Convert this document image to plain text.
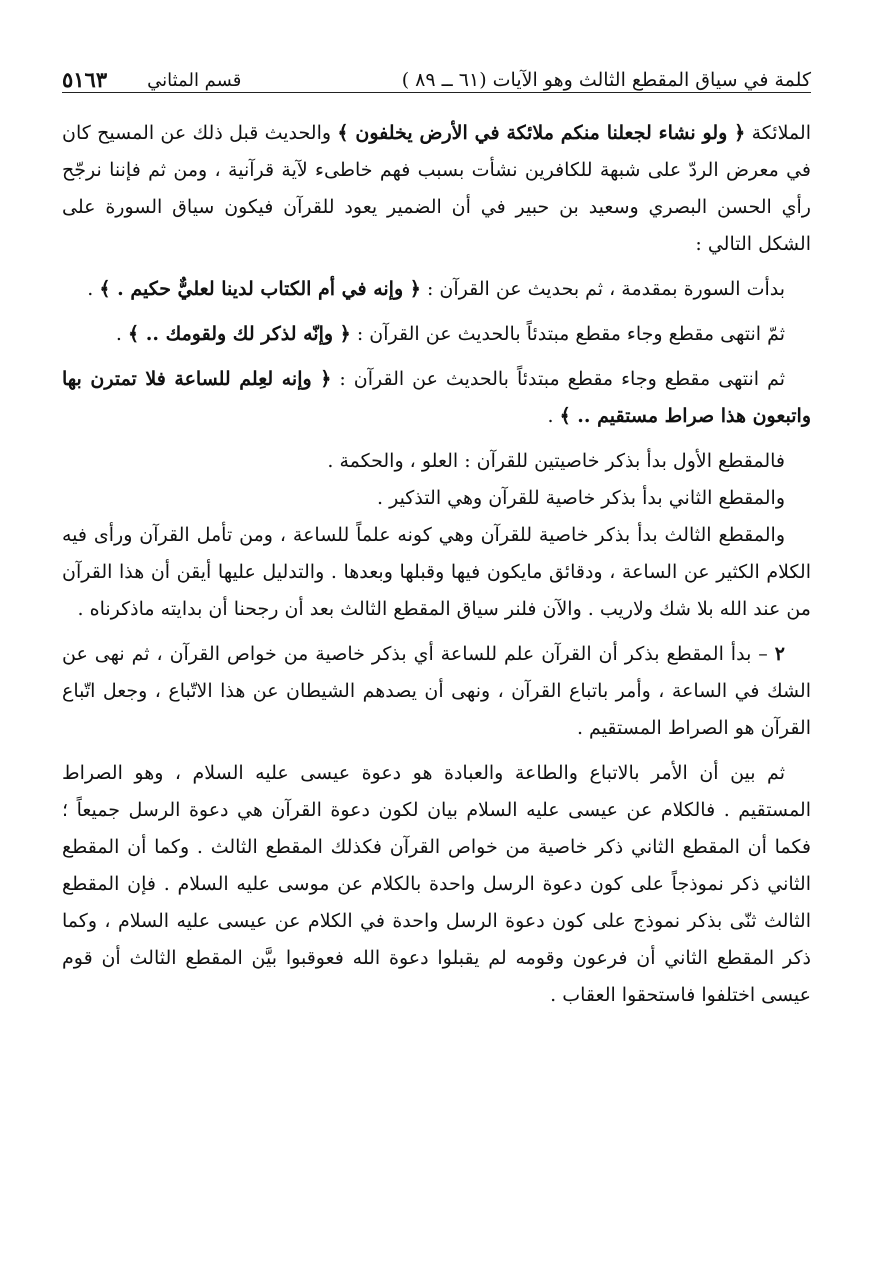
كلمة في سياق المقطع الثالث وهو الآيات (٦١ ــ ٨٩ )
قسم المثاني
٥١٦٣

الملائكة ﴿ ولو نشاء لجعلنا منكم ملائكة في الأرض يخلفون ﴾ والحديث قبل ذلك عن المسيح كان في معرض الردّ على شبهة للكافرين نشأت بسبب فهم خاطىء لآية قرآنية ، ومن ثم فإننا نرجّح رأي الحسن البصري وسعيد بن حبير في أن الضمير يعود للقرآن فيكون سياق السورة على الشكل التالي :

بدأت السورة بمقدمة ، ثم بحديث عن القرآن : ﴿ وإنه في أم الكتاب لدينا لعليٌّ حكيم . ﴾ .

ثمّ انتهى مقطع وجاء مقطع مبتدئاً بالحديث عن القرآن : ﴿ وإنّه لذكر لك ولقومك .. ﴾ .

ثم انتهى مقطع وجاء مقطع مبتدئاً بالحديث عن القرآن : ﴿ وإنه لعِلم للساعة فلا تمترن بها واتبعون هذا صراط مستقيم .. ﴾ .

فالمقطع الأول بدأ بذكر خاصيتين للقرآن : العلو ، والحكمة .

والمقطع الثاني بدأ بذكر خاصية للقرآن وهي التذكير .

والمقطع الثالث بدأ بذكر خاصية للقرآن وهي كونه علماً للساعة ، ومن تأمل القرآن ورأى فيه الكلام الكثير عن الساعة ، ودقائق مايكون فيها وقبلها وبعدها . والتدليل عليها أيقن أن هذا القرآن من عند الله بلا شك ولاريب . والآن فلنر سياق المقطع الثالث بعد أن رجحنا أن بدايته ماذكرناه .

٢ – بدأ المقطع بذكر أن القرآن علم للساعة أي بذكر خاصية من خواص القرآن ، ثم نهى عن الشك في الساعة ، وأمر باتباع القرآن ، ونهى أن يصدهم الشيطان عن هذا الاتّباع ، وجعل اتّباع القرآن هو الصراط المستقيم .

ثم بين أن الأمر بالاتباع والطاعة والعبادة هو دعوة عيسى عليه السلام ، وهو الصراط المستقيم . فالكلام عن عيسى عليه السلام بيان لكون دعوة القرآن هي دعوة الرسل جميعاً ؛ فكما أن المقطع الثاني ذكر خاصية من خواص القرآن فكذلك المقطع الثالث . وكما أن المقطع الثاني ذكر نموذجاً على كون دعوة الرسل واحدة بالكلام عن موسى عليه السلام . فإن المقطع الثالث ثنّى بذكر نموذج على كون دعوة الرسل واحدة في الكلام عن عيسى عليه السلام ، وكما ذكر المقطع الثاني أن فرعون وقومه لم يقبلوا دعوة الله فعوقبوا بيَّن المقطع الثالث أن قوم عيسى اختلفوا فاستحقوا العقاب .
